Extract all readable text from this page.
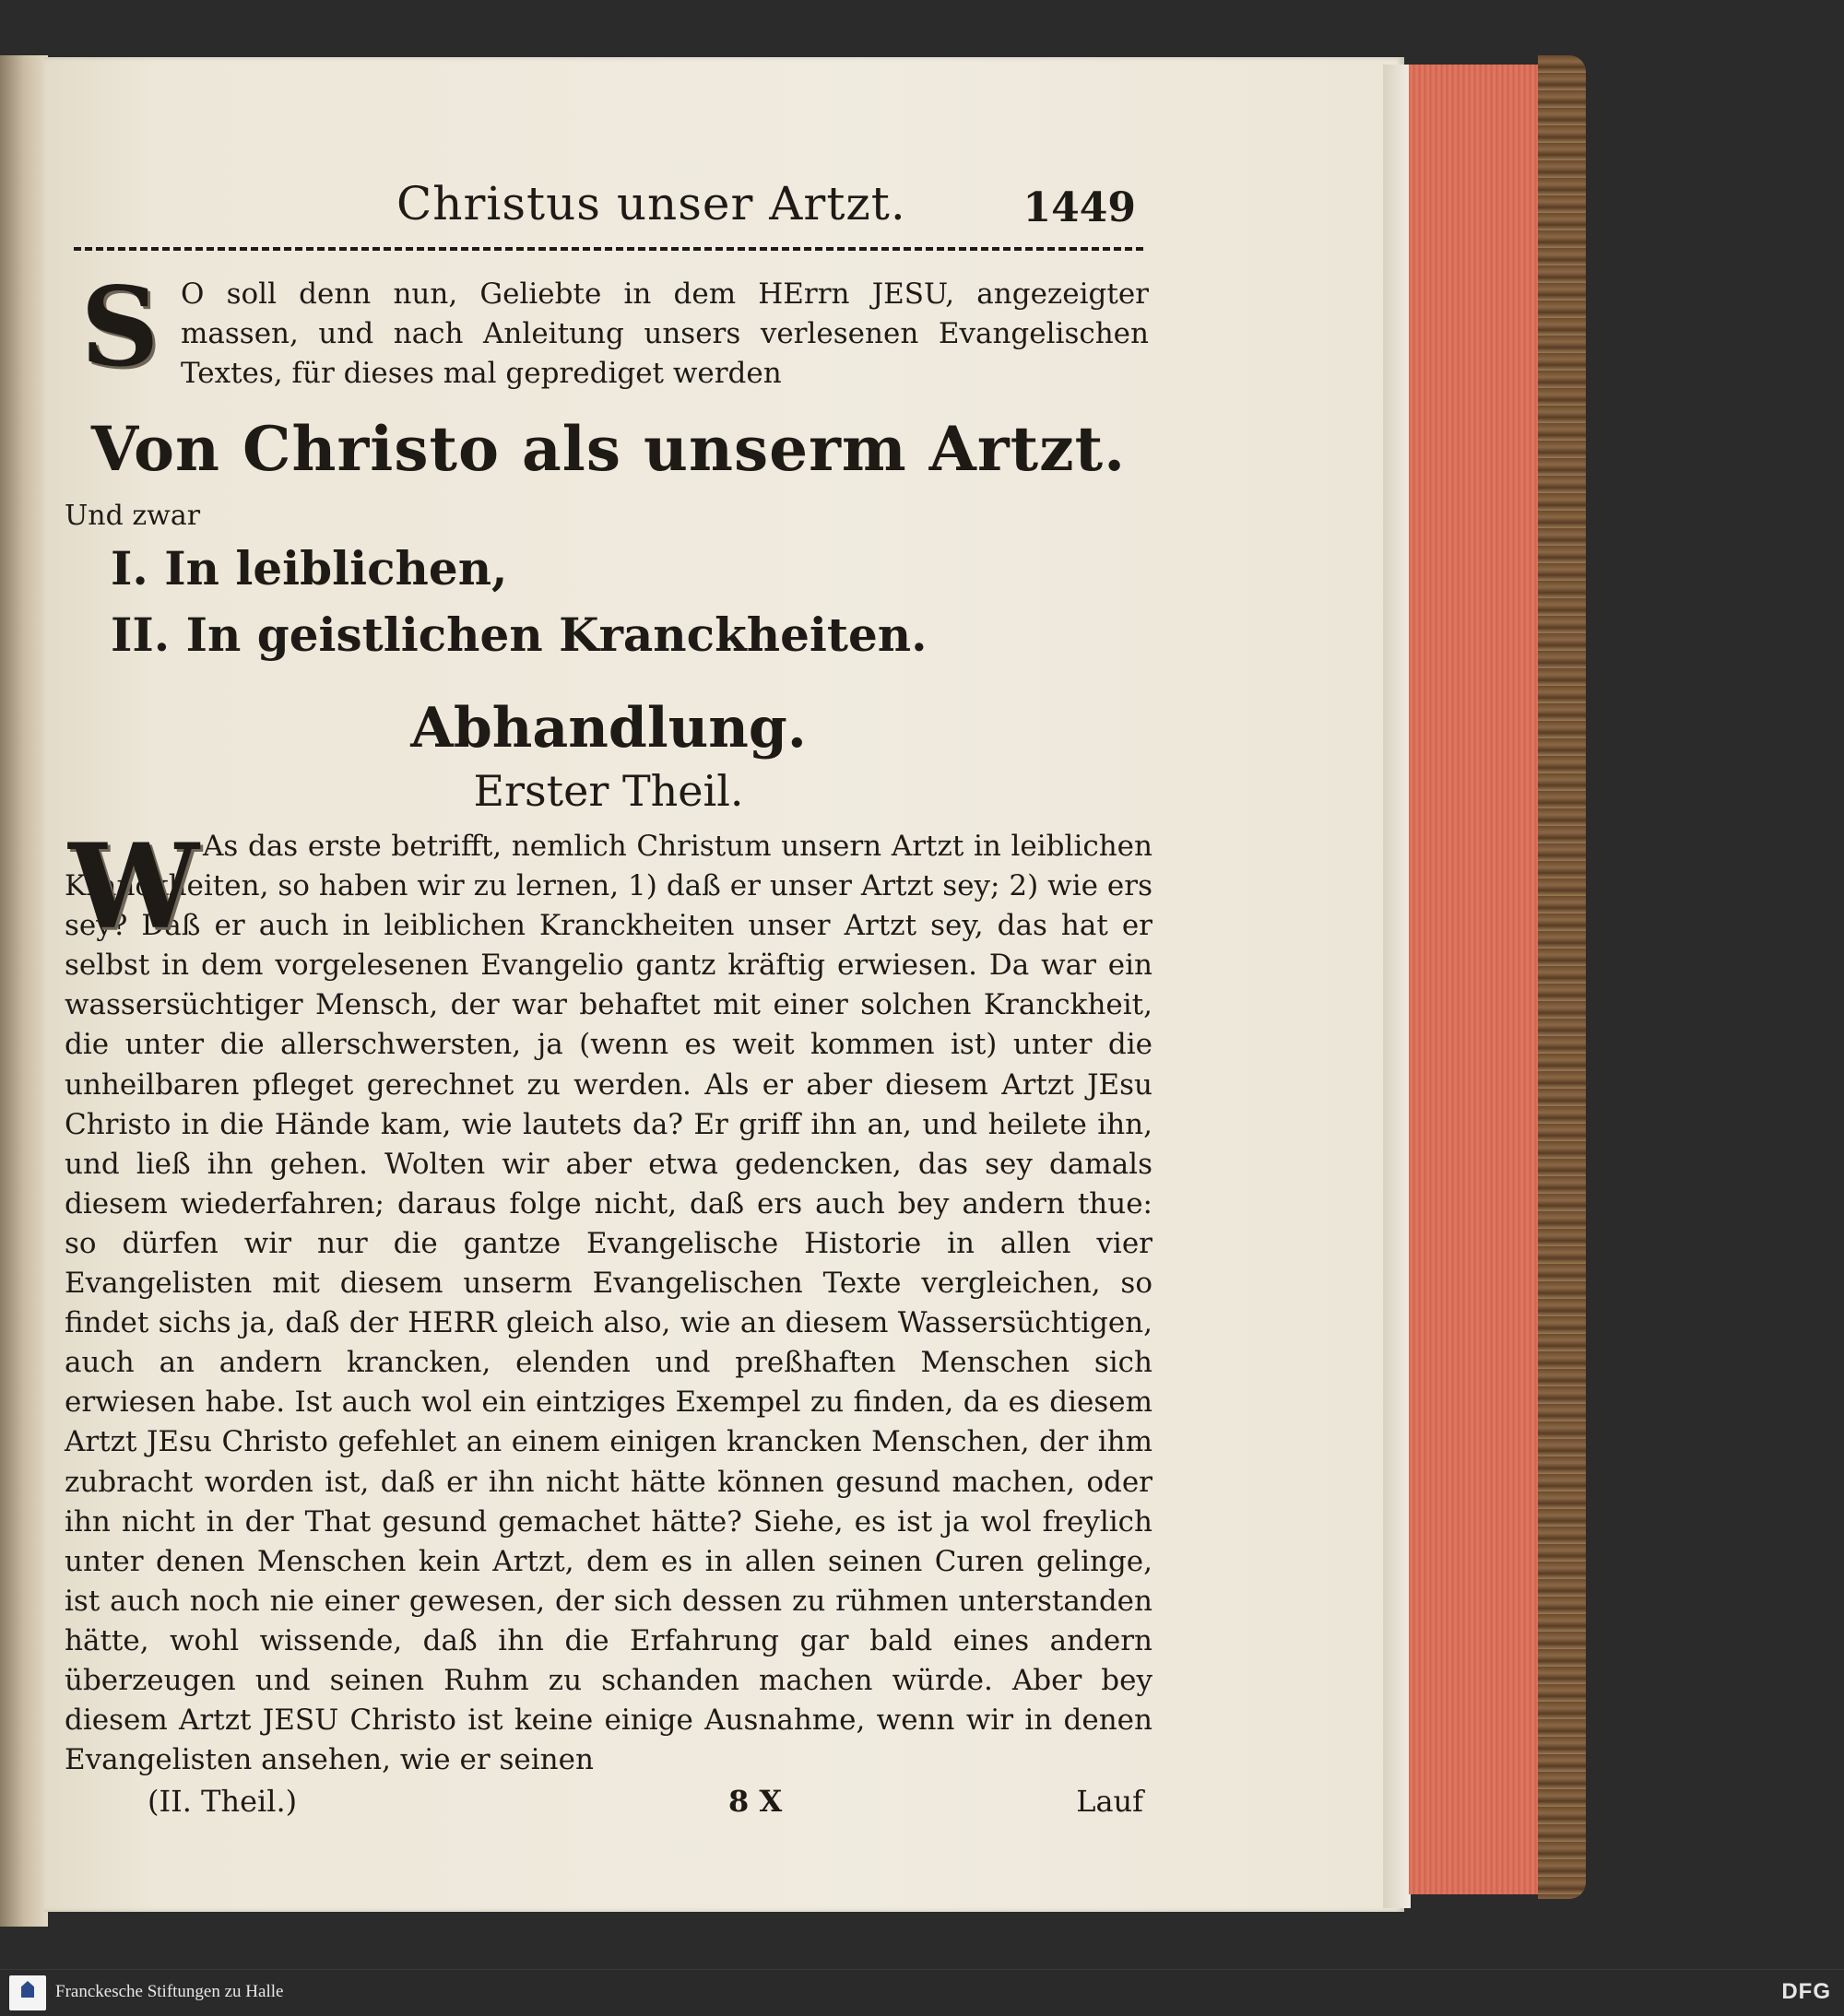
Christus unser Artzt.	1449
S O soll denn nun, Geliebte in dem HErrn JESU, angezeigter massen, und nach Anleitung unsers verlesenen Evangelischen Textes, für dieses mal geprediget werden
Von Christo als unserm Artzt.
Und zwar
I. In leiblichen,
II. In geistlichen Kranckheiten.
Abhandlung.
Erster Theil.
W As das erste betrifft, nemlich Christum unsern Artzt in leiblichen Kranckheiten, so haben wir zu lernen, 1) daß er unser Artzt sey; 2) wie ers sey? Daß er auch in leiblichen Kranckheiten unser Artzt sey, das hat er selbst in dem vorgelesenen Evangelio gantz kräftig erwiesen. Da war ein wassersüchtiger Mensch, der war behaftet mit einer solchen Kranckheit, die unter die allerschwersten, ja (wenn es weit kommen ist) unter die unheilbaren pfleget gerechnet zu werden. Als er aber diesem Artzt JEsu Christo in die Hände kam, wie lautets da? Er griff ihn an, und heilete ihn, und ließ ihn gehen. Wolten wir aber etwa gedencken, das sey damals diesem wiederfahren; daraus folge nicht, daß ers auch bey andern thue: so dürfen wir nur die gantze Evangelische Historie in allen vier Evangelisten mit diesem unserm Evangelischen Texte vergleichen, so findet sichs ja, daß der HERR gleich also, wie an diesem Wassersüchtigen, auch an andern krancken, elenden und preßhaften Menschen sich erwiesen habe. Ist auch wol ein eintziges Exempel zu finden, da es diesem Artzt JEsu Christo gefehlet an einem einigen krancken Menschen, der ihm zubracht worden ist, daß er ihn nicht hätte können gesund machen, oder ihn nicht in der That gesund gemachet hätte? Siehe, es ist ja wol freylich unter denen Menschen kein Artzt, dem es in allen seinen Curen gelinge, ist auch noch nie einer gewesen, der sich dessen zu rühmen unterstanden hätte, wohl wissende, daß ihn die Erfahrung gar bald eines andern überzeugen und seinen Ruhm zu schanden machen würde. Aber bey diesem Artzt JESU Christo ist keine einige Ausnahme, wenn wir in denen Evangelisten ansehen, wie er seinen

(II. Theil.)	8 X	Lauf
Franckesche Stiftungen zu Halle	DFG
